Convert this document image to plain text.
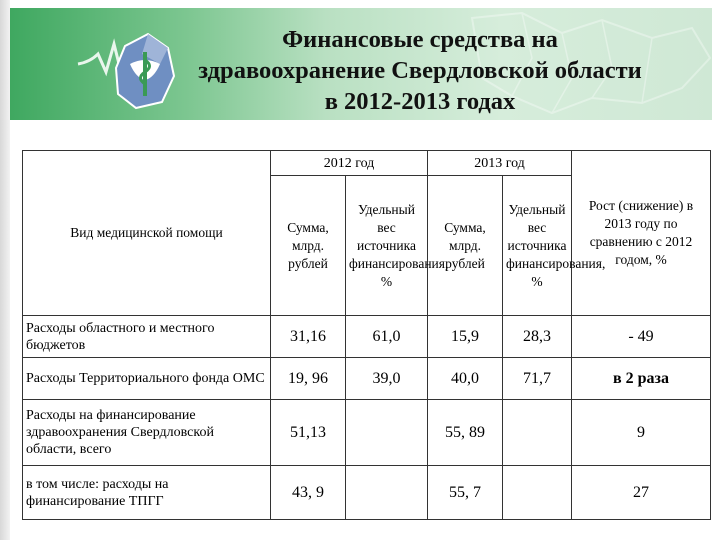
Финансовые средства на
здравоохранение Свердловской области
в 2012-2013 годах
Вид медицинской помощи	2012 год		2013 год		Рост (снижение) в 2013 году по сравнению с 2012 годом, %
	Сумма, млрд. рублей	Удельный вес источника финансирования, %	Сумма, млрд. рублей	Удельный вес источника финансирования, %	
Расходы областного и местного бюджетов	31,16	61,0	15,9	28,3	- 49
Расходы Территориального фонда ОМС	19, 96	39,0	40,0	71,7	в 2 раза
Расходы на финансирование здравоохранения Свердловской области, всего	51,13		55, 89		9
в том числе: расходы на финансирование ТПГГ	43, 9		55, 7		27
